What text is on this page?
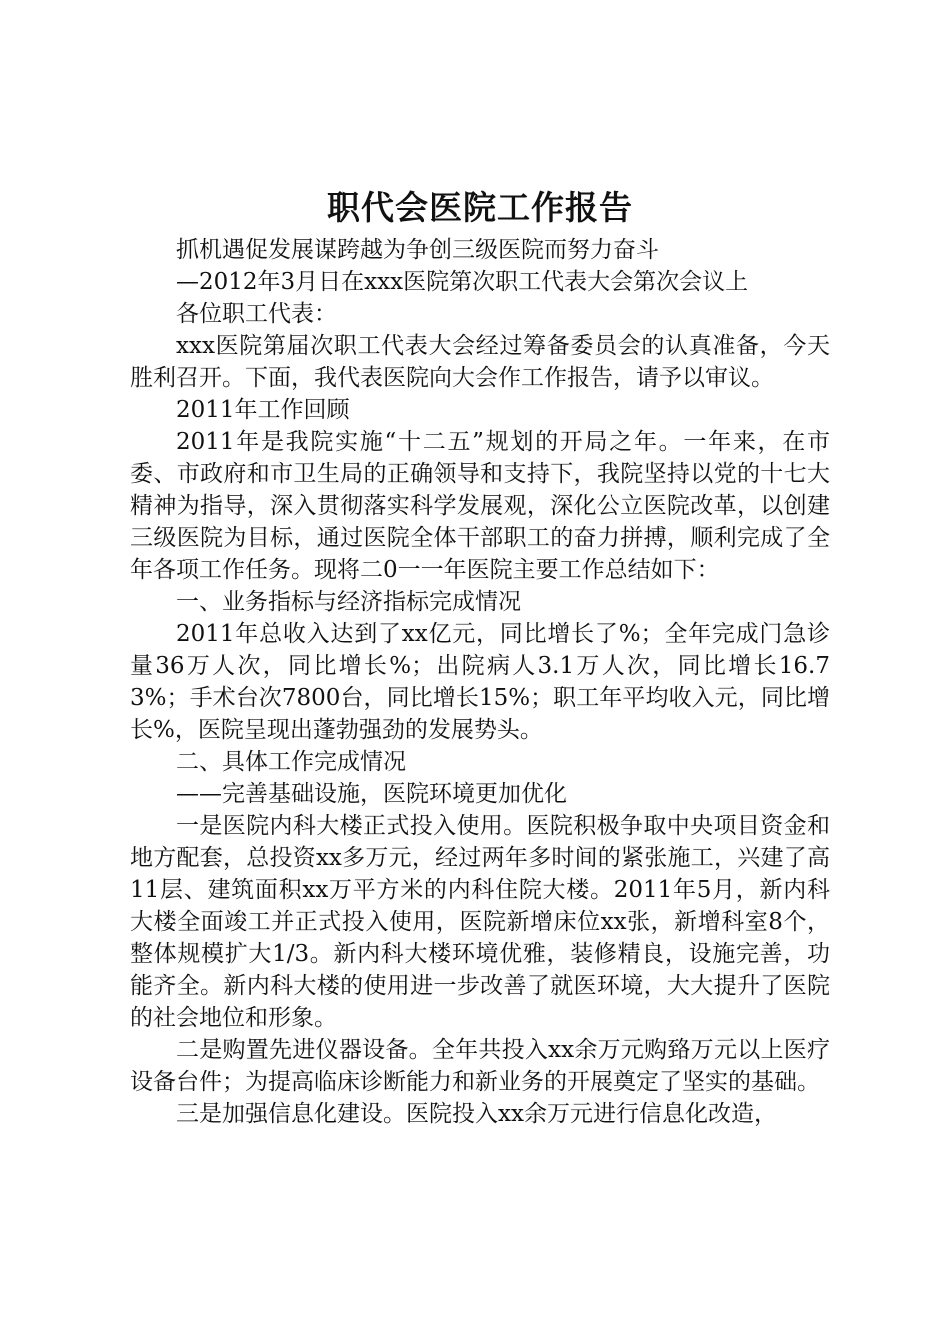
职代会医院工作报告

抓机遇促发展谋跨越为争创三级医院而努力奋斗

—2012年3月日在xxx医院第次职工代表大会第次会议上

各位职工代表：

xxx医院第届次职工代表大会经过筹备委员会的认真准备，今天胜利召开。下面，我代表医院向大会作工作报告，请予以审议。

2011年工作回顾

2011年是我院实施“十二五”规划的开局之年。一年来，在市委、市政府和市卫生局的正确领导和支持下，我院坚持以党的十七大精神为指导，深入贯彻落实科学发展观，深化公立医院改革，以创建三级医院为目标，通过医院全体干部职工的奋力拼搏，顺利完成了全年各项工作任务。现将二0一一年医院主要工作总结如下：

一、业务指标与经济指标完成情况

2011年总收入达到了xx亿元，同比增长了%；全年完成门急诊量36万人次，同比增长%；出院病人3.1万人次，同比增长16.73%；手术台次7800台，同比增长15%；职工年平均收入元，同比增长%，医院呈现出蓬勃强劲的发展势头。

二、具体工作完成情况

——完善基础设施，医院环境更加优化

一是医院内科大楼正式投入使用。医院积极争取中央项目资金和地方配套，总投资xx多万元，经过两年多时间的紧张施工，兴建了高11层、建筑面积xx万平方米的内科住院大楼。2011年5月，新内科大楼全面竣工并正式投入使用，医院新增床位xx张，新增科室8个，整体规模扩大1/3。新内科大楼环境优雅，装修精良，设施完善，功能齐全。新内科大楼的使用进一步改善了就医环境，大大提升了医院的社会地位和形象。

二是购置先进仪器设备。全年共投入xx余万元购臵万元以上医疗设备台件；为提高临床诊断能力和新业务的开展奠定了坚实的基础。

三是加强信息化建设。医院投入xx余万元进行信息化改造，
